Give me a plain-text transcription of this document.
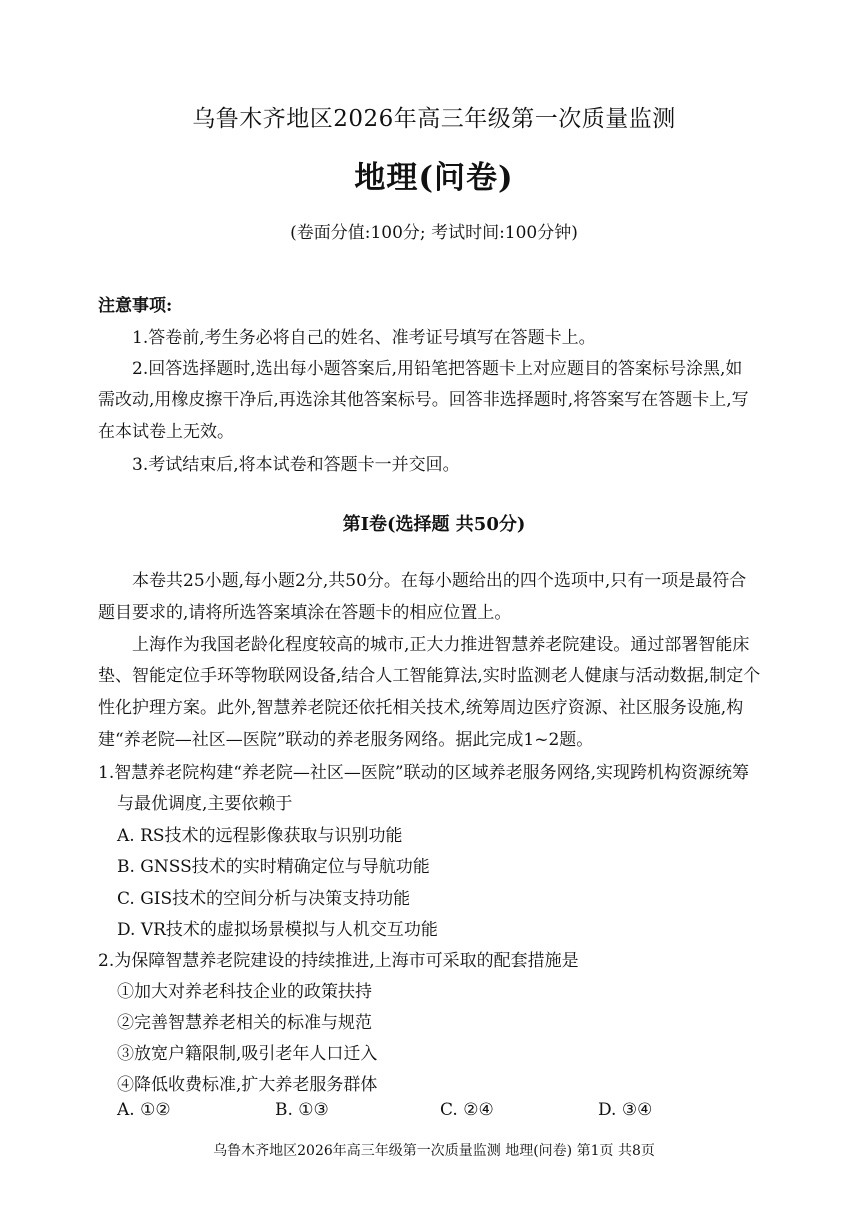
乌鲁木齐地区2026年高三年级第一次质量监测
地理(问卷)
(卷面分值:100分; 考试时间:100分钟)
注意事项:
1.答卷前,考生务必将自己的姓名、准考证号填写在答题卡上。
2.回答选择题时,选出每小题答案后,用铅笔把答题卡上对应题目的答案标号涂黑,如
需改动,用橡皮擦干净后,再选涂其他答案标号。回答非选择题时,将答案写在答题卡上,写
在本试卷上无效。
3.考试结束后,将本试卷和答题卡一并交回。
第Ⅰ卷(选择题 共50分)
本卷共25小题,每小题2分,共50分。在每小题给出的四个选项中,只有一项是最符合
题目要求的,请将所选答案填涂在答题卡的相应位置上。
上海作为我国老龄化程度较高的城市,正大力推进智慧养老院建设。通过部署智能床
垫、智能定位手环等物联网设备,结合人工智能算法,实时监测老人健康与活动数据,制定个
性化护理方案。此外,智慧养老院还依托相关技术,统筹周边医疗资源、社区服务设施,构
建“养老院—社区—医院”联动的养老服务网络。据此完成1~2题。
1.智慧养老院构建“养老院—社区—医院”联动的区域养老服务网络,实现跨机构资源统筹
与最优调度,主要依赖于
A. RS技术的远程影像获取与识别功能
B. GNSS技术的实时精确定位与导航功能
C. GIS技术的空间分析与决策支持功能
D. VR技术的虚拟场景模拟与人机交互功能
2.为保障智慧养老院建设的持续推进,上海市可采取的配套措施是
①加大对养老科技企业的政策扶持
②完善智慧养老相关的标准与规范
③放宽户籍限制,吸引老年人口迁入
④降低收费标准,扩大养老服务群体
A. ①②	B. ①③	C. ②④	D. ③④
乌鲁木齐地区2026年高三年级第一次质量监测 地理(问卷) 第1页 共8页
